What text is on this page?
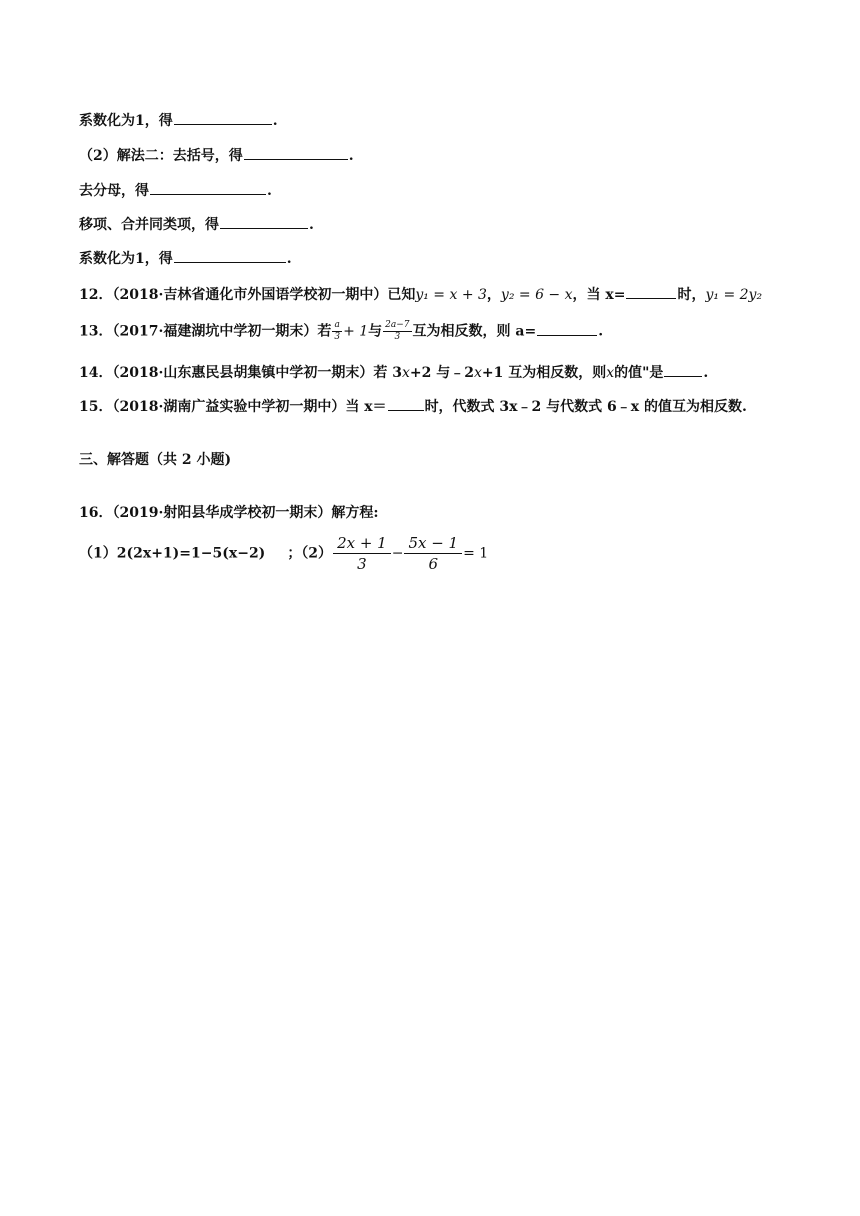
系数化为1，得	.
（2）解法二：去括号，得	.
去分母，得	.
移项、合并同类项，得	.
系数化为1，得	.
12．（2018·吉林省通化市外国语学校初一期中）已知y₁ = x + 3，y₂ = 6 − x，当 x=	时，y₁ = 2y₂
13．（2017·福建湖坑中学初一期末）若 $\frac{a}{3} + 1$与 $\frac{2a-7}{3}$ 互为相反数，则 a=	.
14．（2018·山东惠民县胡集镇中学初一期末）若 3x+2 与﹣2x+1 互为相反数，则x的值"是	.
15．（2018·湖南广益实验中学初一期中）当 x＝	时，代数式 3x﹣2 与代数式 6﹣x 的值互为相反数.
三、解答题（共 2 小题)
16．（2019·射阳县华成学校初一期末）解方程:
（1）2(2x+1)=1−5(x−2) ；$(2) \frac{2x + 1}{3} - \frac{5x - 1}{6} = 1$
